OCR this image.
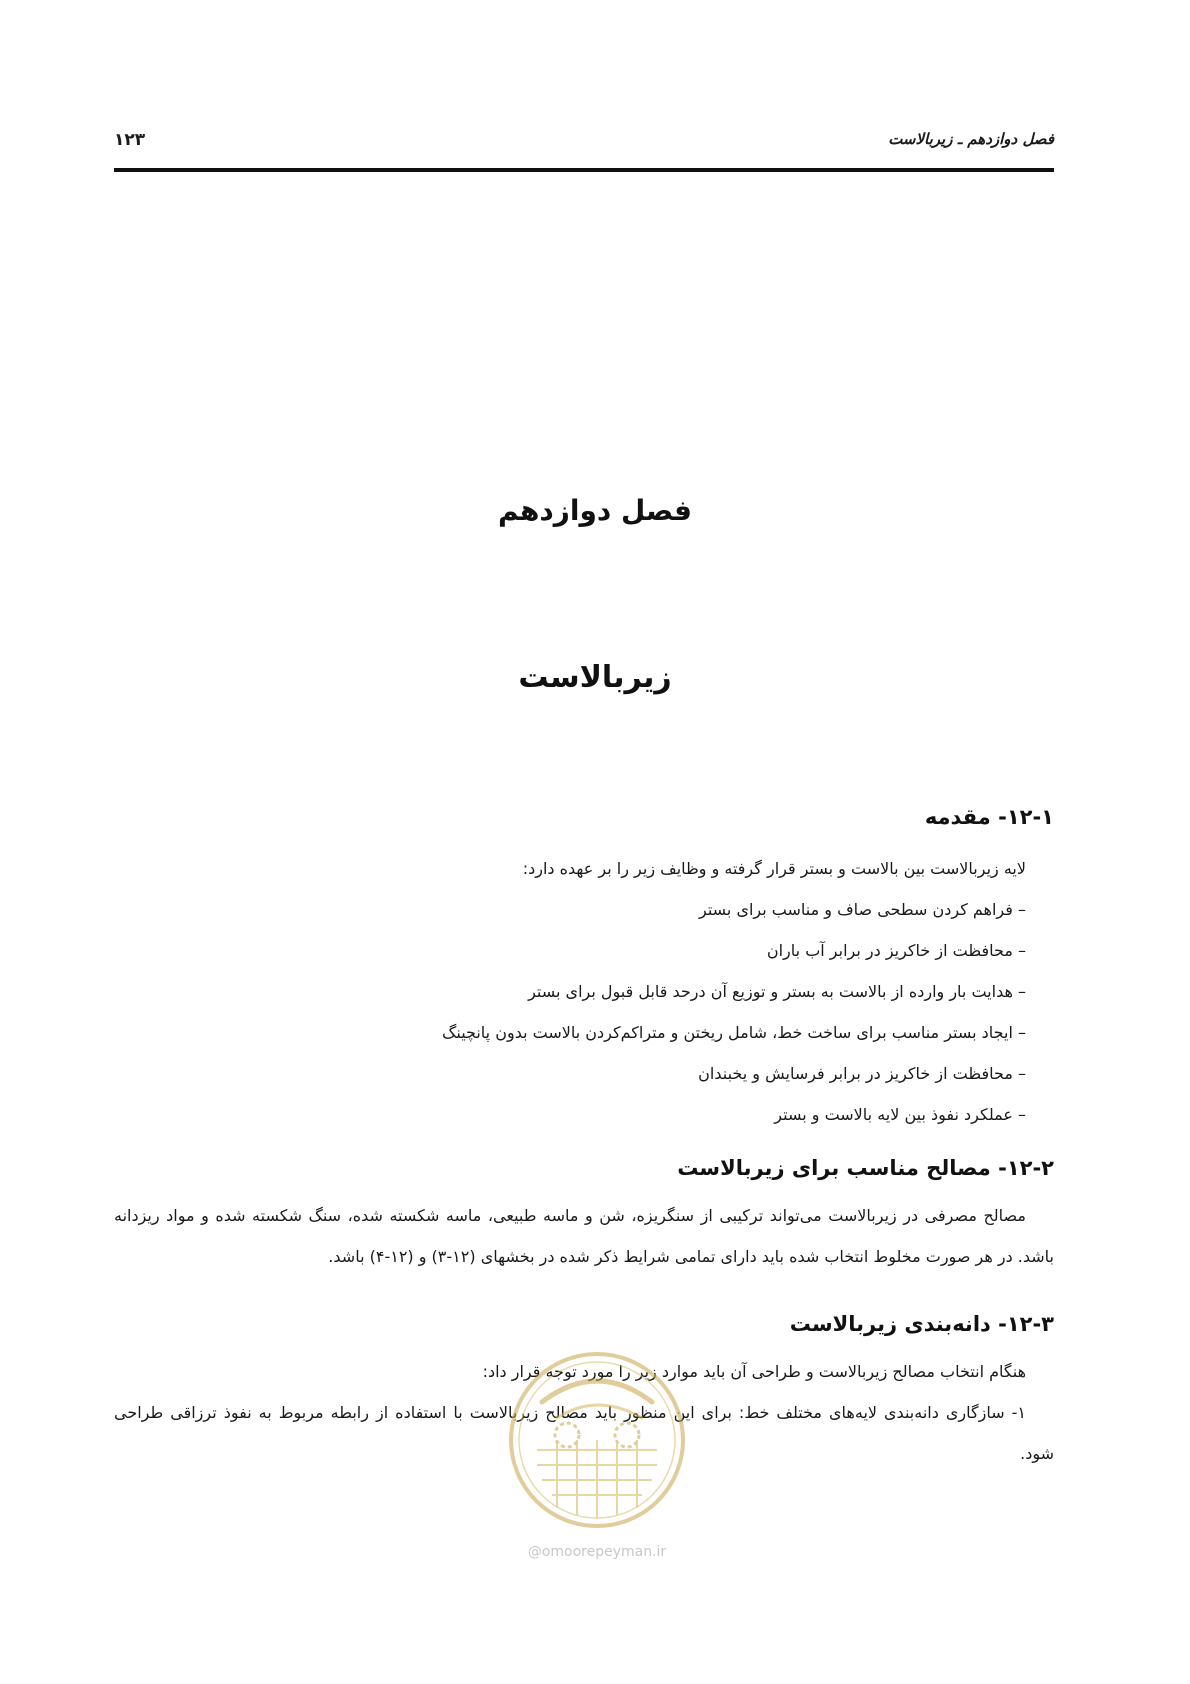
فصل دوازدهم ـ زیربالاست
۱۲۳
فصل دوازدهم
زیربالاست
۱۲-۱- مقدمه

لایه زیربالاست بین بالاست و بستر قرار گرفته و وظایف زیر را بر عهده دارد:

– فراهم کردن سطحی صاف و مناسب برای بستر
– محافظت از خاکریز در برابر آب باران
– هدایت بار وارده از بالاست به بستر و توزیع آن درحد قابل قبول برای بستر
– ایجاد بستر مناسب برای ساخت خط، شامل ریختن و متراکم‌کردن بالاست بدون پانچینگ
– محافظت از خاکریز در برابر فرسایش و یخبندان
– عملکرد نفوذ بین لایه بالاست و بستر
۱۲-۲- مصالح مناسب برای زیربالاست

مصالح مصرفی در زیربالاست می‌تواند ترکیبی از سنگریزه، شن و ماسه طبیعی، ماسه شکسته شده، سنگ شکسته شده و مواد ریزدانه باشد. در هر صورت مخلوط انتخاب شده باید دارای تمامی شرایط ذکر شده در بخشهای (۱۲-۳) و (۱۲-۴) باشد.

۱۲-۳- دانه‌بندی زیربالاست

هنگام انتخاب مصالح زیربالاست و طراحی آن باید موارد زیر را مورد توجه قرار داد:

۱- سازگاری دانه‌بندی لایه‌های مختلف خط: برای این منظور باید مصالح زیربالاست با استفاده از رابطه مربوط به نفوذ ترزاقی طراحی شود.

@omoorepeyman.ir
